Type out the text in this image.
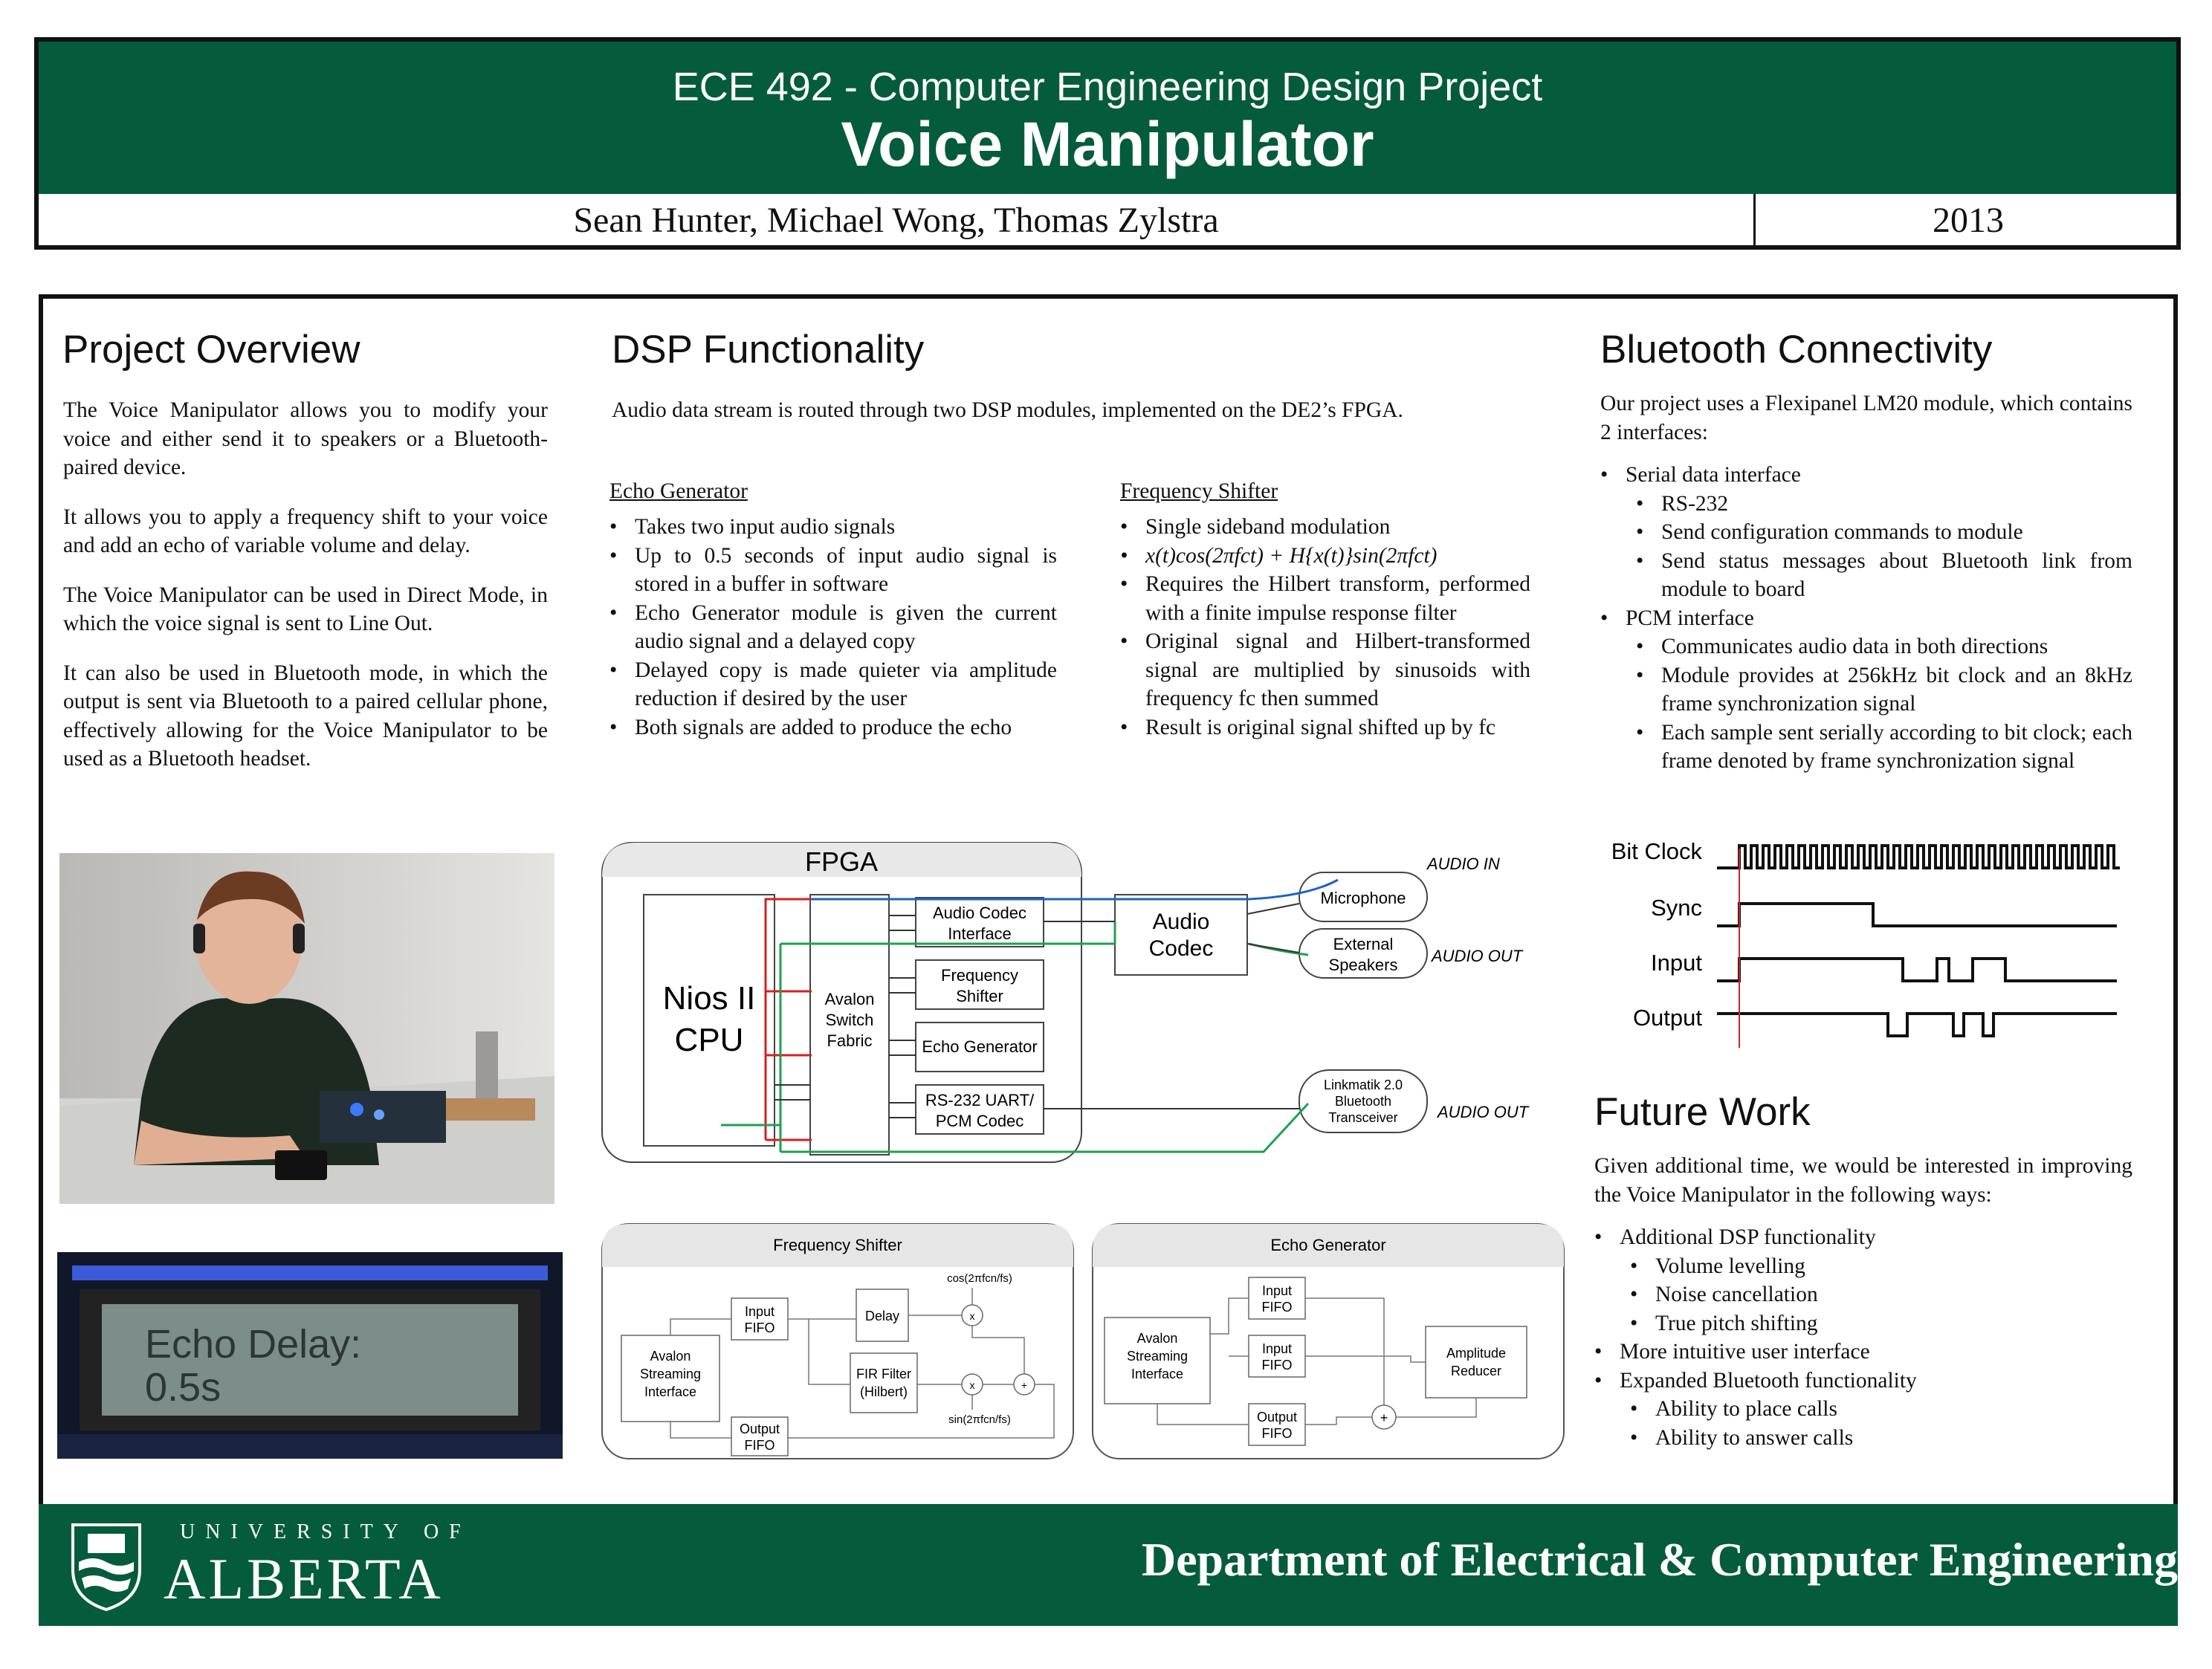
ECE 492 - Computer Engineering Design Project
Voice Manipulator
Sean Hunter, Michael Wong, Thomas Zylstra	2013
Project Overview

The Voice Manipulator allows you to modify your voice and either send it to speakers or a Bluetooth-paired device.

It allows you to apply a frequency shift to your voice and add an echo of variable volume and delay.

The Voice Manipulator can be used in Direct Mode, in which the voice signal is sent to Line Out.

It can also be used in Bluetooth mode, in which the output is sent via Bluetooth to a paired cellular phone, effectively allowing for the Voice Manipulator to be used as a Bluetooth headset.

Echo Delay:
0.5s
DSP Functionality
Audio data stream is routed through two DSP modules, implemented on the DE2’s FPGA.
Echo Generator
• Takes two input audio signals
• Up to 0.5 seconds of input audio signal is stored in a buffer in software
• Echo Generator module is given the current audio signal and a delayed copy
• Delayed copy is made quieter via amplitude reduction if desired by the user
• Both signals are added to produce the echo
Frequency Shifter
• Single sideband modulation
• x(t)cos(2πfct) + H{x(t)}sin(2πfct)
• Requires the Hilbert transform, performed with a finite impulse response filter
• Original signal and Hilbert-transformed signal are multiplied by sinusoids with frequency fc then summed
• Result is original signal shifted up by fc
FPGA
Nios II
CPU
Avalon
Switch
Fabric
Audio Codec
Interface
Frequency
Shifter
Echo Generator
RS-232 UART/
PCM Codec
Audio
Codec
Microphone
External
Speakers
Linkmatik 2.0
Bluetooth
Transceiver
AUDIO IN
AUDIO OUT
AUDIO OUT
Frequency Shifter
Avalon
Streaming
Interface
Input
FIFO
Output
FIFO
Delay
FIR Filter
(Hilbert)
x
x	+
cos(2πfcn/fs)
sin(2πfcn/fs)
Echo Generator
Avalon
Streaming
Interface
Input
FIFO
Input
FIFO
Output
FIFO
Amplitude
Reducer
+
Bluetooth Connectivity
Our project uses a Flexipanel LM20 module, which contains 2 interfaces:
• Serial data interface
• RS-232
• Send configuration commands to module
• Send status messages about Bluetooth link from module to board
• PCM interface
• Communicates audio data in both directions
• Module provides at 256kHz bit clock and an 8kHz frame synchronization signal
• Each sample sent serially according to bit clock; each frame denoted by frame synchronization signal
Bit Clock
Sync
Input
Output
Future Work
Given additional time, we would be interested in improving the Voice Manipulator in the following ways:
• Additional DSP functionality
• Volume levelling
• Noise cancellation
• True pitch shifting
• More intuitive user interface
• Expanded Bluetooth functionality
• Ability to place calls
• Ability to answer calls
UNIVERSITY OF
ALBERTA	Department of Electrical & Computer Engineering
